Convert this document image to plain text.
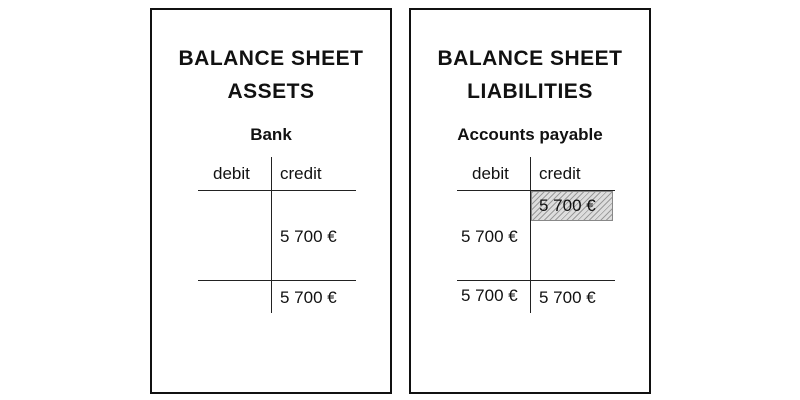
BALANCE SHEET
ASSETS
Bank
debit credit
5 700 €
5 700 €
BALANCE SHEET
LIABILITIES
Accounts payable
debit credit
5 700 €
5 700 €
5 700 € 5 700 €
